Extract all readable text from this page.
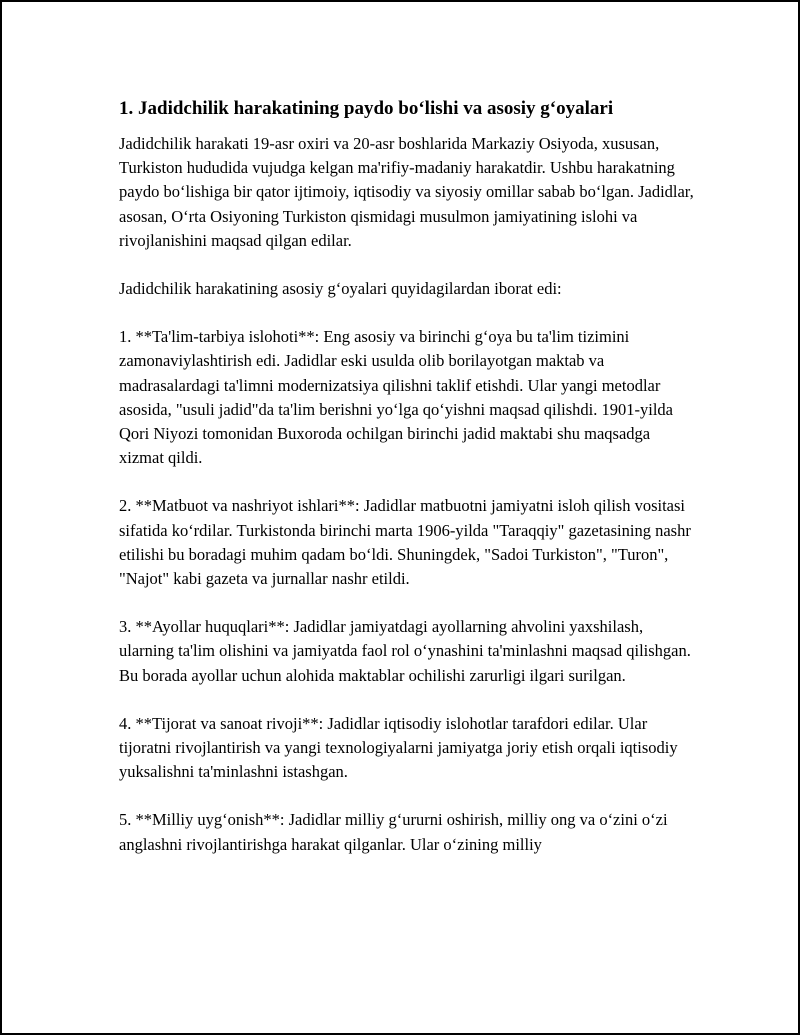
1. Jadidchilik harakatining paydo bo‘lishi va asosiy g‘oyalari

Jadidchilik harakati 19-asr oxiri va 20-asr boshlarida Markaziy Osiyoda, xususan, Turkiston hududida vujudga kelgan ma'rifiy-madaniy harakatdir. Ushbu harakatning paydo bo‘lishiga bir qator ijtimoiy, iqtisodiy va siyosiy omillar sabab bo‘lgan. Jadidlar, asosan, O‘rta Osiyoning Turkiston qismidagi musulmon jamiyatining islohi va rivojlanishini maqsad qilgan edilar.

Jadidchilik harakatining asosiy g‘oyalari quyidagilardan iborat edi:

1. **Ta'lim-tarbiya islohoti**: Eng asosiy va birinchi g‘oya bu ta'lim tizimini zamonaviylashtirish edi. Jadidlar eski usulda olib borilayotgan maktab va madrasalardagi ta'limni modernizatsiya qilishni taklif etishdi. Ular yangi metodlar asosida, "usuli jadid"da ta'lim berishni yo‘lga qo‘yishni maqsad qilishdi. 1901-yilda Qori Niyozi tomonidan Buxoroda ochilgan birinchi jadid maktabi shu maqsadga xizmat qildi.

2. **Matbuot va nashriyot ishlari**: Jadidlar matbuotni jamiyatni isloh qilish vositasi sifatida ko‘rdilar. Turkistonda birinchi marta 1906-yilda "Taraqqiy" gazetasining nashr etilishi bu boradagi muhim qadam bo‘ldi. Shuningdek, "Sadoi Turkiston", "Turon", "Najot" kabi gazeta va jurnallar nashr etildi.

3. **Ayollar huquqlari**: Jadidlar jamiyatdagi ayollarning ahvolini yaxshilash, ularning ta'lim olishini va jamiyatda faol rol o‘ynashini ta'minlashni maqsad qilishgan. Bu borada ayollar uchun alohida maktablar ochilishi zarurligi ilgari surilgan.

4. **Tijorat va sanoat rivoji**: Jadidlar iqtisodiy islohotlar tarafdori edilar. Ular tijoratni rivojlantirish va yangi texnologiyalarni jamiyatga joriy etish orqali iqtisodiy yuksalishni ta'minlashni istashgan.

5. **Milliy uyg‘onish**: Jadidlar milliy g‘ururni oshirish, milliy ong va o‘zini o‘zi anglashni rivojlantirishga harakat qilganlar. Ular o‘zining milliy
